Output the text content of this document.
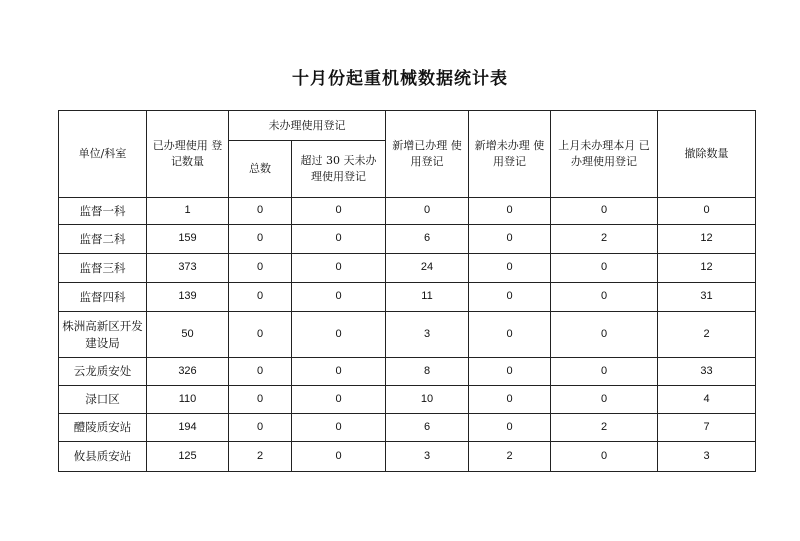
十月份起重机械数据统计表
单位/科室	已办理使用 登记数量	未办理使用登记		新增已办理 使用登记	新增未办理 使用登记	上月未办理本月 已办理使用登记	撤除数量
		总数	超过 30 天未办 理使用登记				
监督一科	1	0	0	0	0	0	0
监督二科	159	0	0	6	0	2	12
监督三科	373	0	0	24	0	0	12
监督四科	139	0	0	11	0	0	31
株洲高新区开发建设局	50	0	0	3	0	0	2
云龙质安处	326	0	0	8	0	0	33
渌口区	110	0	0	10	0	0	4
醴陵质安站	194	0	0	6	0	2	7
攸县质安站	125	2	0	3	2	0	3
